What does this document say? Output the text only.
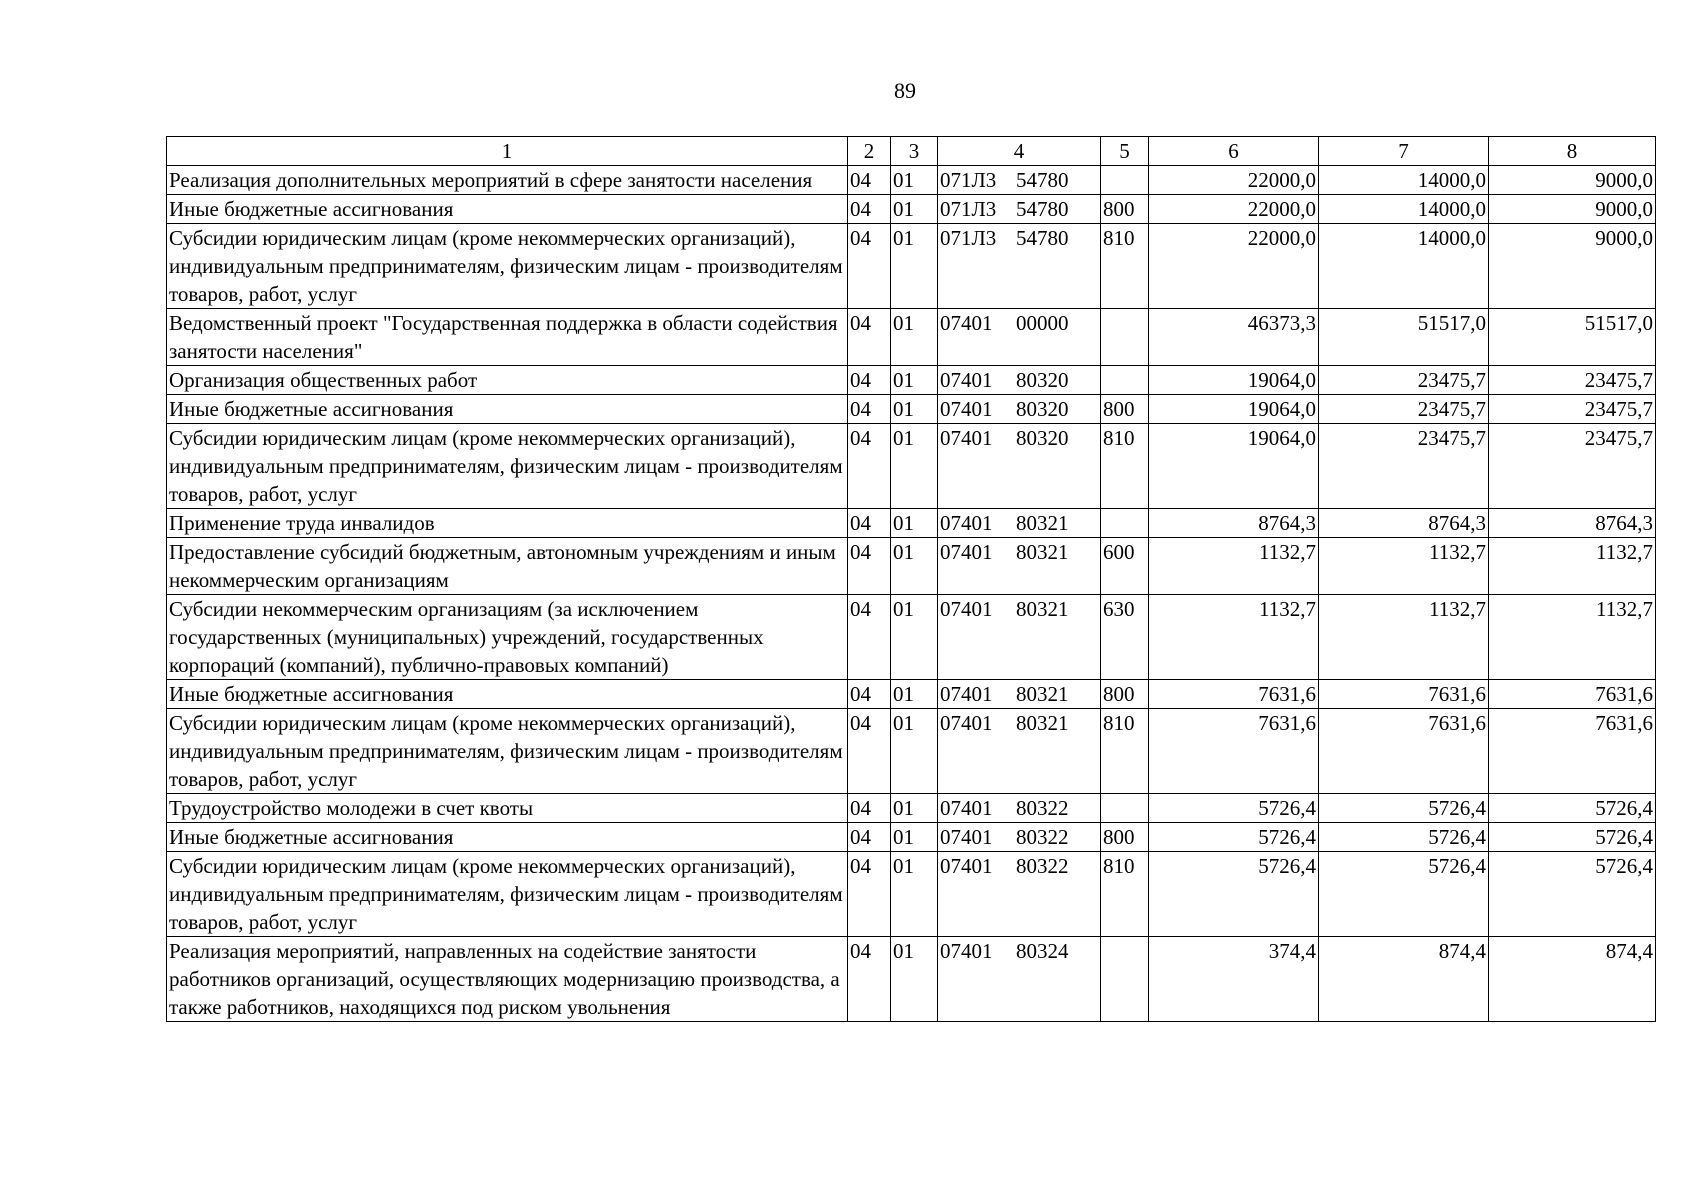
89
1	2	3	4	5	6	7	8
Реализация дополнительных мероприятий в сфере занятости населения	04	01	071Л3 54780		22000,0	14000,0	9000,0
Иные бюджетные ассигнования	04	01	071Л3 54780	800	22000,0	14000,0	9000,0
Субсидии юридическим лицам (кроме некоммерческих организаций), индивидуальным предпринимателям, физическим лицам - производителям товаров, работ, услуг	04	01	071Л3 54780	810	22000,0	14000,0	9000,0
Ведомственный проект "Государственная поддержка в области содействия занятости населения"	04	01	07401 00000		46373,3	51517,0	51517,0
Организация общественных работ	04	01	07401 80320		19064,0	23475,7	23475,7
Иные бюджетные ассигнования	04	01	07401 80320	800	19064,0	23475,7	23475,7
Субсидии юридическим лицам (кроме некоммерческих организаций), индивидуальным предпринимателям, физическим лицам - производителям товаров, работ, услуг	04	01	07401 80320	810	19064,0	23475,7	23475,7
Применение труда инвалидов	04	01	07401 80321		8764,3	8764,3	8764,3
Предоставление субсидий бюджетным, автономным учреждениям и иным некоммерческим организациям	04	01	07401 80321	600	1132,7	1132,7	1132,7
Субсидии некоммерческим организациям (за исключением государственных (муниципальных) учреждений, государственных корпораций (компаний), публично-правовых компаний)	04	01	07401 80321	630	1132,7	1132,7	1132,7
Иные бюджетные ассигнования	04	01	07401 80321	800	7631,6	7631,6	7631,6
Субсидии юридическим лицам (кроме некоммерческих организаций), индивидуальным предпринимателям, физическим лицам - производителям товаров, работ, услуг	04	01	07401 80321	810	7631,6	7631,6	7631,6
Трудоустройство молодежи в счет квоты	04	01	07401 80322		5726,4	5726,4	5726,4
Иные бюджетные ассигнования	04	01	07401 80322	800	5726,4	5726,4	5726,4
Субсидии юридическим лицам (кроме некоммерческих организаций), индивидуальным предпринимателям, физическим лицам - производителям товаров, работ, услуг	04	01	07401 80322	810	5726,4	5726,4	5726,4
Реализация мероприятий, направленных на содействие занятости работников организаций, осуществляющих модернизацию производства, а также работников, находящихся под риском увольнения	04	01	07401 80324		374,4	874,4	874,4
